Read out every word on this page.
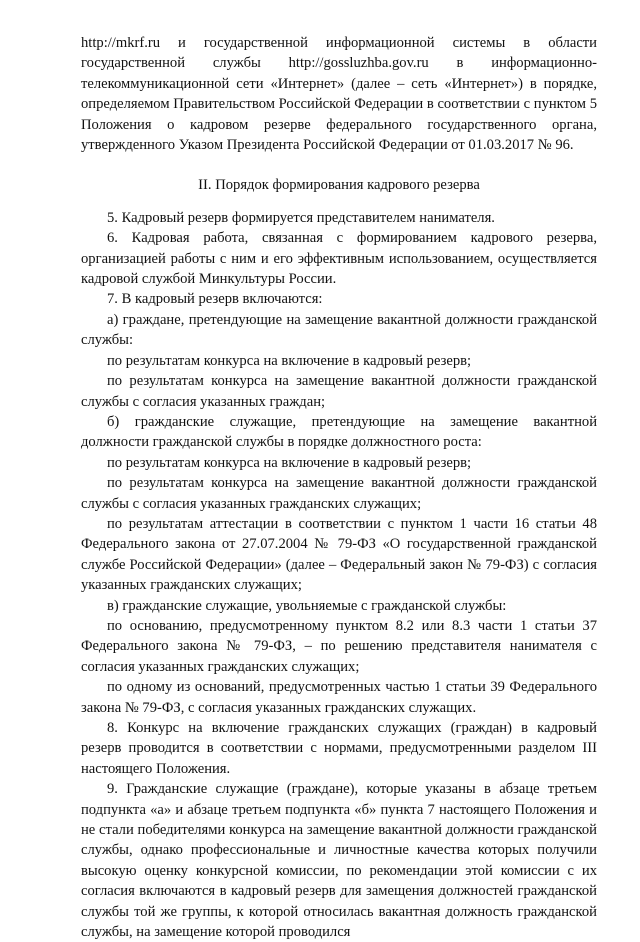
http://mkrf.ru и государственной информационной системы в области государственной службы http://gossluzhba.gov.ru в информационно-телекоммуникационной сети «Интернет» (далее – сеть «Интернет») в порядке, определяемом Правительством Российской Федерации в соответствии с пунктом 5 Положения о кадровом резерве федерального государственного органа, утвержденного Указом Президента Российской Федерации от 01.03.2017 № 96.

II. Порядок формирования кадрового резерва

5. Кадровый резерв формируется представителем нанимателя.

6. Кадровая работа, связанная с формированием кадрового резерва, организацией работы с ним и его эффективным использованием, осуществляется кадровой службой Минкультуры России.

7. В кадровый резерв включаются:

а) граждане, претендующие на замещение вакантной должности гражданской службы:

по результатам конкурса на включение в кадровый резерв;

по результатам конкурса на замещение вакантной должности гражданской службы с согласия указанных граждан;

б) гражданские служащие, претендующие на замещение вакантной должности гражданской службы в порядке должностного роста:

по результатам конкурса на включение в кадровый резерв;

по результатам конкурса на замещение вакантной должности гражданской службы с согласия указанных гражданских служащих;

по результатам аттестации в соответствии с пунктом 1 части 16 статьи 48 Федерального закона от 27.07.2004 № 79-ФЗ «О государственной гражданской службе Российской Федерации» (далее – Федеральный закон № 79-ФЗ) с согласия указанных гражданских служащих;

в) гражданские служащие, увольняемые с гражданской службы:

по основанию, предусмотренному пунктом 8.2 или 8.3 части 1 статьи 37 Федерального закона № 79-ФЗ, – по решению представителя нанимателя с согласия указанных гражданских служащих;

по одному из оснований, предусмотренных частью 1 статьи 39 Федерального закона № 79-ФЗ, с согласия указанных гражданских служащих.

8. Конкурс на включение гражданских служащих (граждан) в кадровый резерв проводится в соответствии с нормами, предусмотренными разделом III настоящего Положения.

9. Гражданские служащие (граждане), которые указаны в абзаце третьем подпункта «а» и абзаце третьем подпункта «б» пункта 7 настоящего Положения и не стали победителями конкурса на замещение вакантной должности гражданской службы, однако профессиональные и личностные качества которых получили высокую оценку конкурсной комиссии, по рекомендации этой комиссии с их согласия включаются в кадровый резерв для замещения должностей гражданской службы той же группы, к которой относилась вакантная должность гражданской службы, на замещение которой проводился
